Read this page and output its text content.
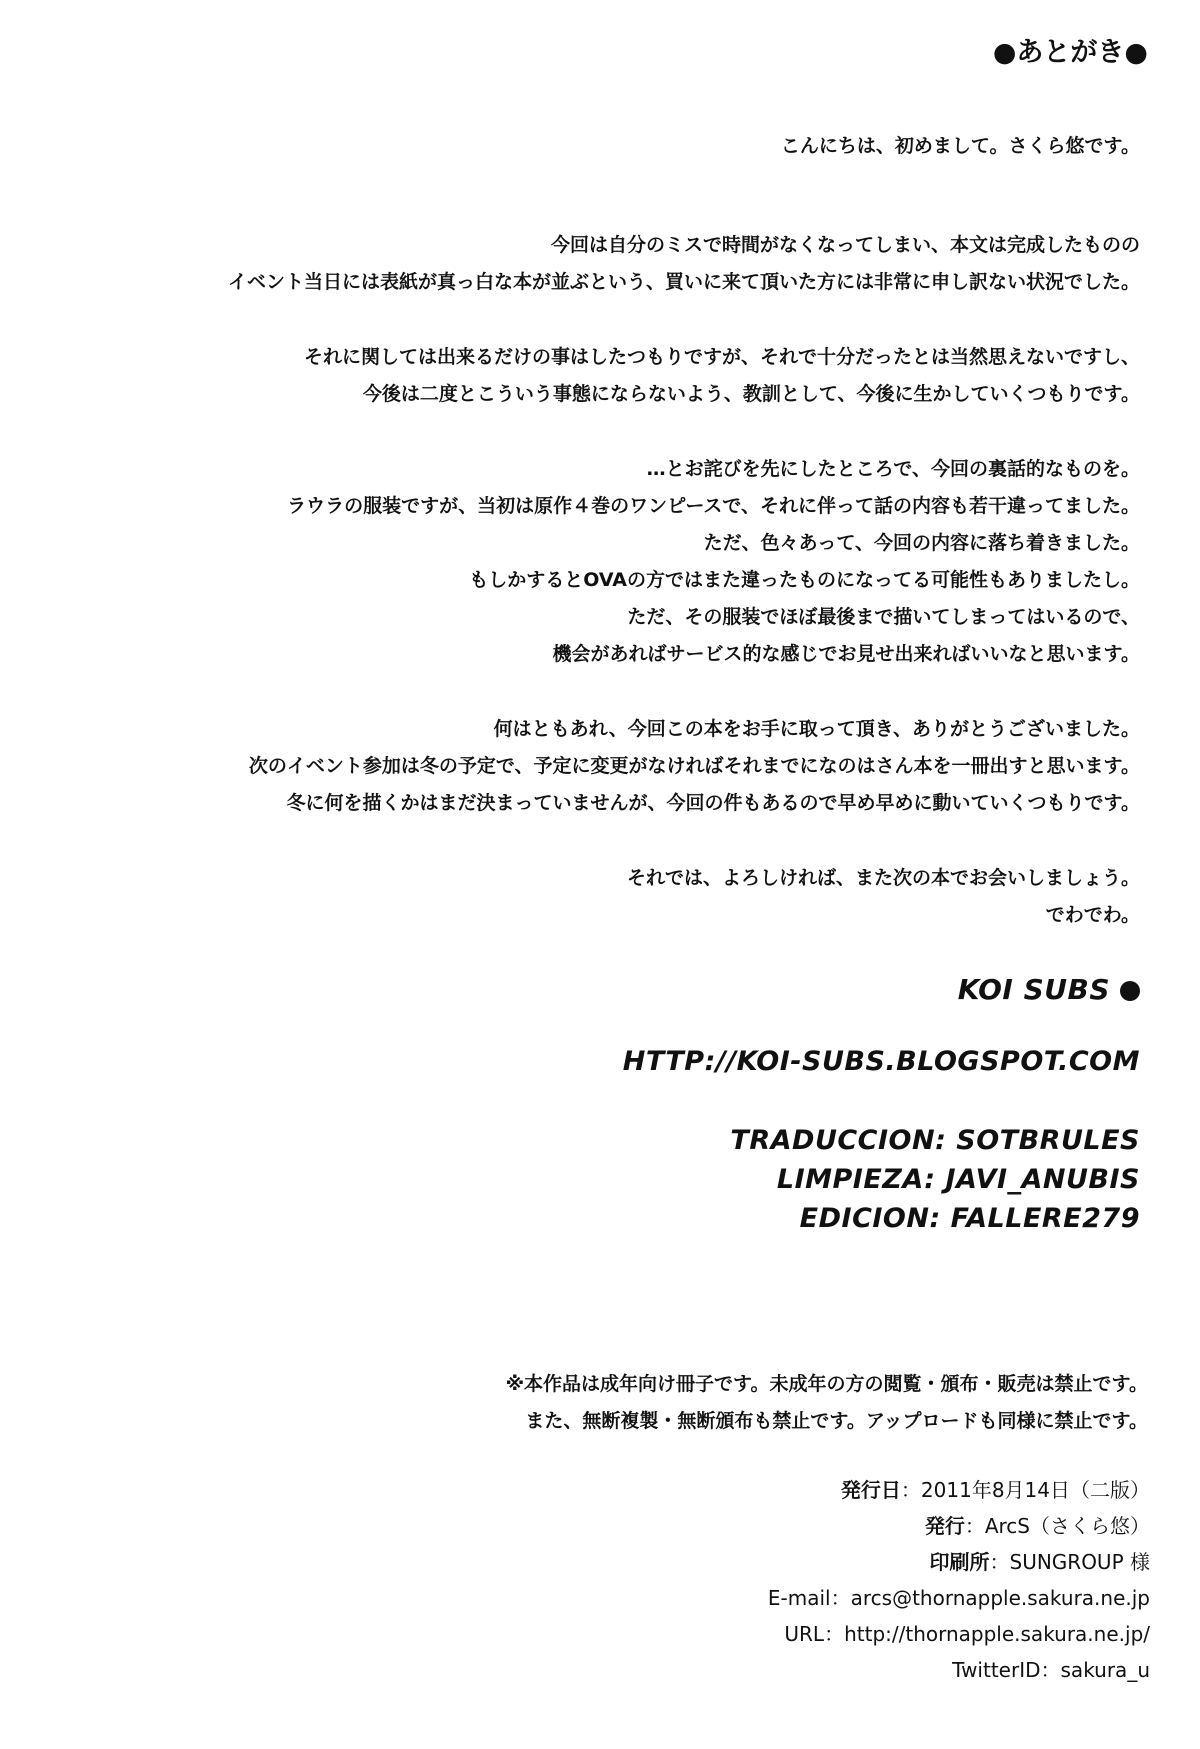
●あとがき●
こんにちは、初めまして。さくら悠です。
今回は自分のミスで時間がなくなってしまい、本文は完成したものの
イベント当日には表紙が真っ白な本が並ぶという、買いに来て頂いた方には非常に申し訳ない状況でした。
それに関しては出来るだけの事はしたつもりですが、それで十分だったとは当然思えないですし、
今後は二度とこういう事態にならないよう、教訓として、今後に生かしていくつもりです。
…とお詫びを先にしたところで、今回の裏話的なものを。
ラウラの服装ですが、当初は原作４巻のワンピースで、それに伴って話の内容も若干違ってました。
ただ、色々あって、今回の内容に落ち着きました。
もしかするとOVAの方ではまた違ったものになってる可能性もありましたし。
ただ、その服装でほぼ最後まで描いてしまってはいるので、
機会があればサービス的な感じでお見せ出来ればいいなと思います。
何はともあれ、今回この本をお手に取って頂き、ありがとうございました。
次のイベント参加は冬の予定で、予定に変更がなければそれまでになのはさん本を一冊出すと思います。
冬に何を描くかはまだ決まっていませんが、今回の件もあるので早め早めに動いていくつもりです。
それでは、よろしければ、また次の本でお会いしましょう。
でわでわ。
KOI SUBS
HTTP://KOI-SUBS.BLOGSPOT.COM
TRADUCCION: SOTBRULES
LIMPIEZA: JAVI_ANUBIS
EDICION: FALLERE279
※本作品は成年向け冊子です。未成年の方の閲覧・頒布・販売は禁止です。
また、無断複製・無断頒布も禁止です。アップロードも同様に禁止です。
発行日：2011年8月14日（二版）
発行：ArcS（さくら悠）
印刷所：SUNGROUP 様
E-mail：arcs@thornapple.sakura.ne.jp
URL：http://thornapple.sakura.ne.jp/
TwitterID：sakura_u
